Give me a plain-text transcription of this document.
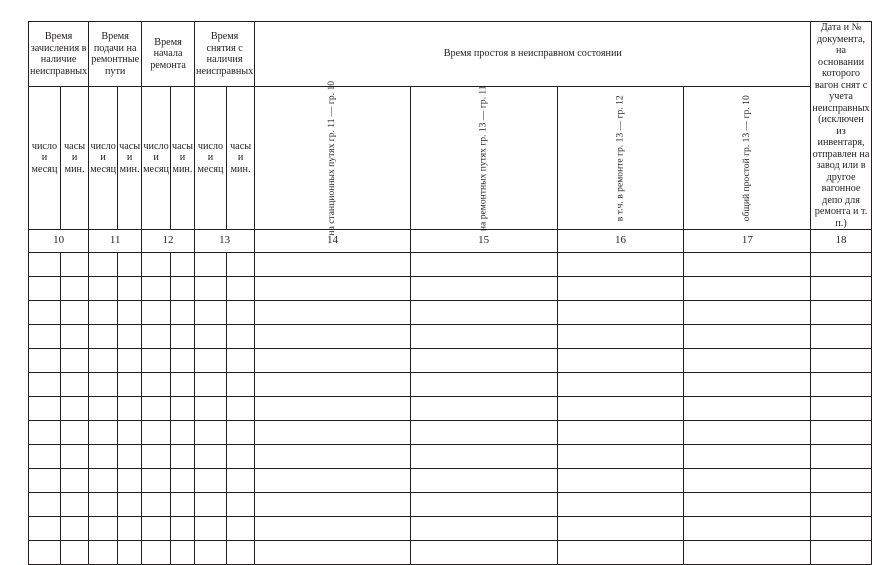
Время зачисления в наличие неисправных		Время подачи на ремонтные пути		Время начала ремонта		Время снятия с наличия неисправных		Время простоя в неисправном состоянии				Дата и № документа, на основании которого вагон снят с учета неисправных (исключен из инвентаря, отправлен на завод или в другое вагонное депо для ремонта и т. п.)

число и месяц	часы и мин.	число и месяц	часы и мин.	число и месяц	часы и мин.	число и месяц	часы и мин.	на станционных путях гр. 11 — гр. 10	на ремонтных путях гр. 13 — гр. 11	в т.ч. в ремонте гр. 13 — гр. 12	общий простой гр. 13 — гр. 10	
10		11		12		13		14	15	16	17	18
